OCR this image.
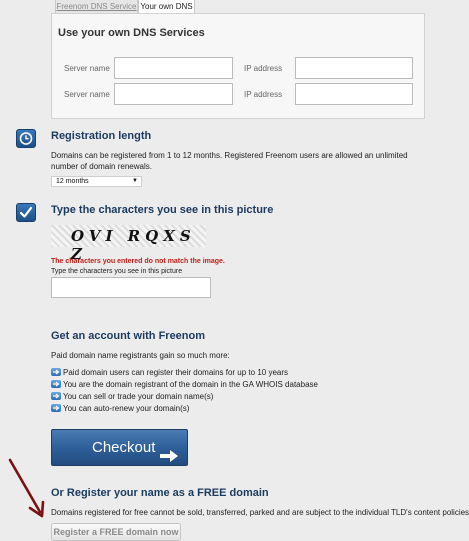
Freenom DNS Service Your own DNS
Use your own DNS Services
Server name	IP address
Server name	IP address
Registration length
Domains can be registered from 1 to 12 months. Registered Freenom users are allowed an unlimited number of domain renewals.
12 months	▼
Type the characters you see in this picture
OVI RQXS Z
The characters you entered do not match the image.
Type the characters you see in this picture
Get an account with Freenom
Paid domain name registrants gain so much more:
Paid domain users can register their domains for up to 10 years
You are the domain registrant of the domain in the GA WHOIS database
You can sell or trade your domain name(s)
You can auto-renew your domain(s)
Checkout
Or Register your name as a FREE domain
Domains registered for free cannot be sold, transferred, parked and are subject to the individual TLD's content policies
Register a FREE domain now
